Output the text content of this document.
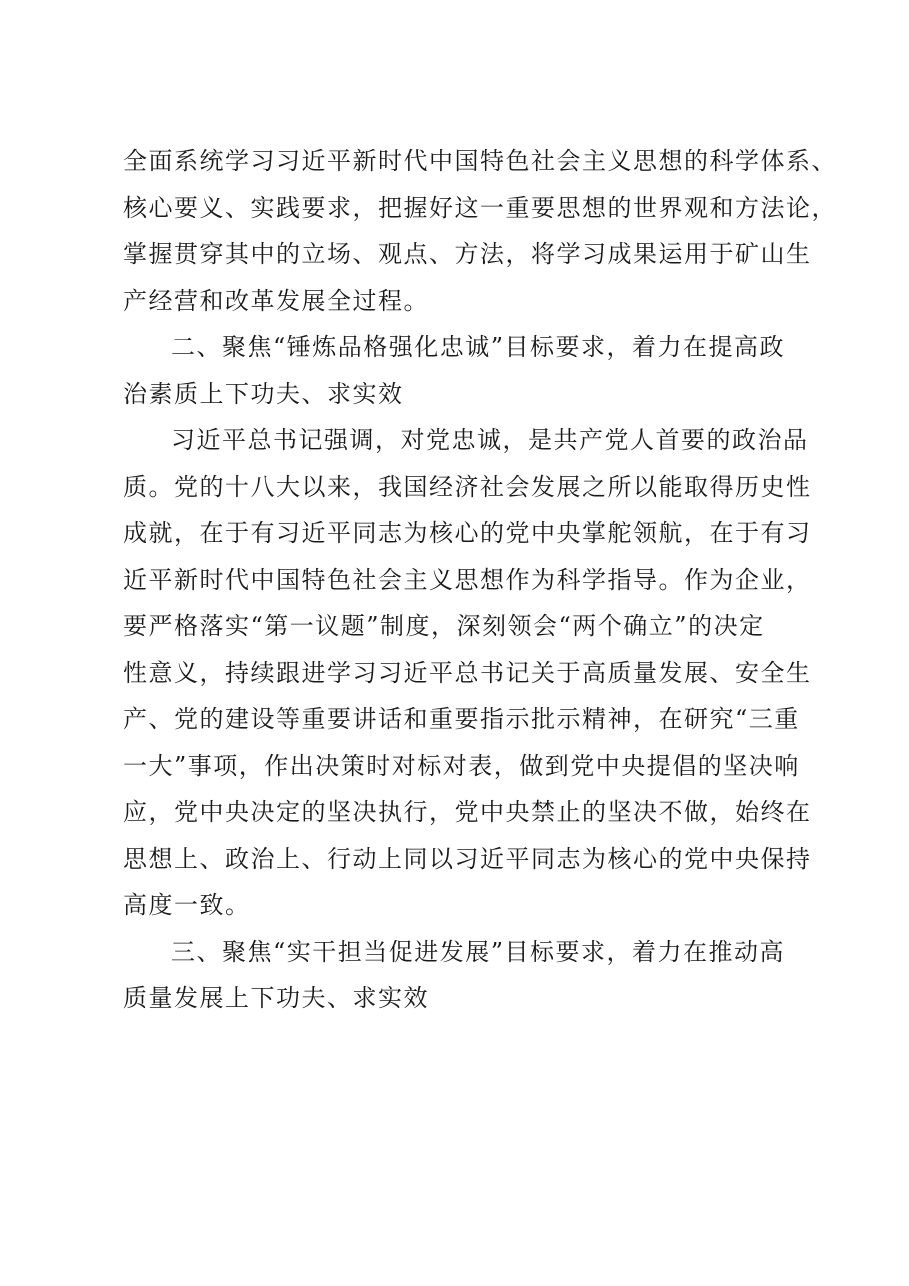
全面系统学习习近平新时代中国特色社会主义思想的科学体系、
核心要义、实践要求，把握好这一重要思想的世界观和方法论，
掌握贯穿其中的立场、观点、方法，将学习成果运用于矿山生
产经营和改革发展全过程。
二、聚焦“锤炼品格强化忠诚”目标要求，着力在提高政
治素质上下功夫、求实效
习近平总书记强调，对党忠诚，是共产党人首要的政治品
质。党的十八大以来，我国经济社会发展之所以能取得历史性
成就，在于有习近平同志为核心的党中央掌舵领航，在于有习
近平新时代中国特色社会主义思想作为科学指导。作为企业，
要严格落实“第一议题”制度，深刻领会“两个确立”的决定
性意义，持续跟进学习习近平总书记关于高质量发展、安全生
产、党的建设等重要讲话和重要指示批示精神，在研究“三重
一大”事项，作出决策时对标对表，做到党中央提倡的坚决响
应，党中央决定的坚决执行，党中央禁止的坚决不做，始终在
思想上、政治上、行动上同以习近平同志为核心的党中央保持
高度一致。
三、聚焦“实干担当促进发展”目标要求，着力在推动高
质量发展上下功夫、求实效
